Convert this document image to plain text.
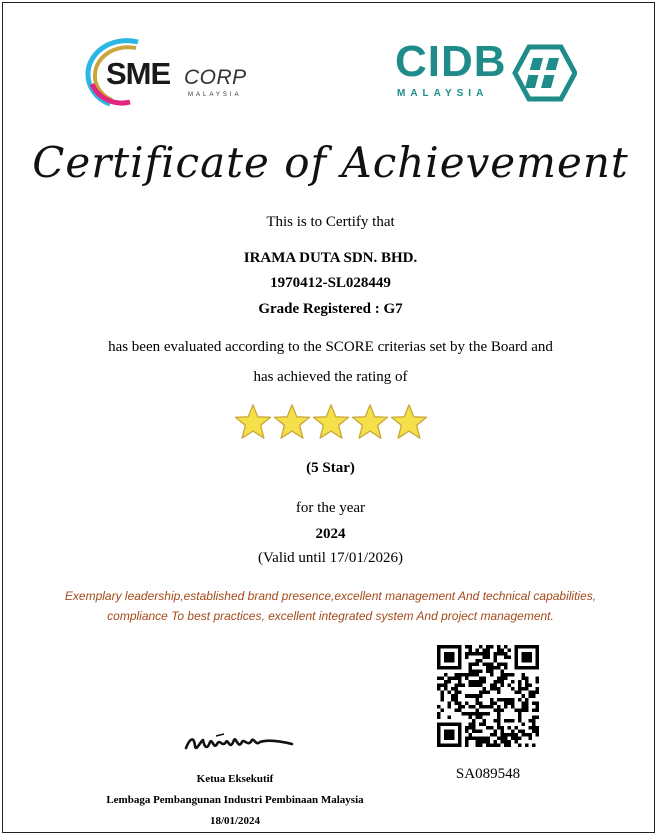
SME CORP
MALAYSIA
CIDB
MALAYSIA
Certificate of Achievement
This is to Certify that
IRAMA DUTA SDN. BHD.
1970412-SL028449
Grade Registered : G7
has been evaluated according to the SCORE criterias set by the Board and
has achieved the rating of
(5 Star)
for the year
2024
(Valid until 17/01/2026)
Exemplary leadership,established brand presence,excellent management And technical capabilities,
compliance To best practices, excellent integrated system And project management.
SA089548
Ketua Eksekutif
Lembaga Pembangunan Industri Pembinaan Malaysia
18/01/2024
